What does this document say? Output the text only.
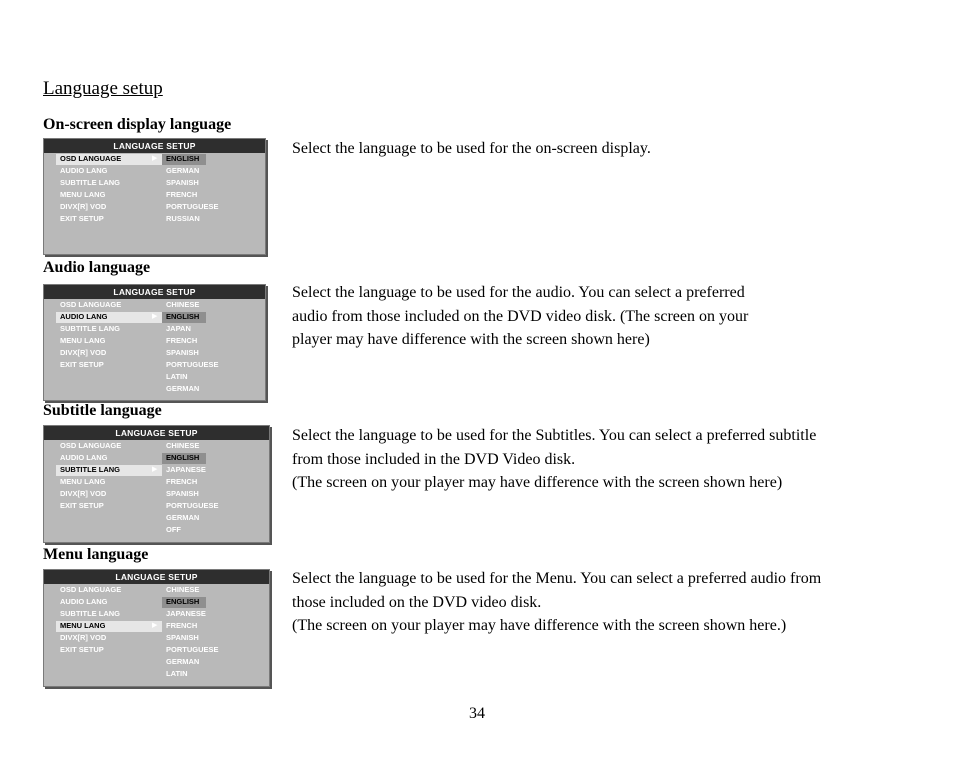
Language setup
On-screen display language
LANGUAGE SETUP
▶
OSD LANGUAGE
AUDIO LANG
SUBTITLE LANG
MENU LANG
DIVX[R] VOD
EXIT SETUP
ENGLISH
GERMAN
SPANISH
FRENCH
PORTUGUESE
RUSSIAN
Select the language to be used for the on-screen display.
Audio language
LANGUAGE SETUP
▶
OSD LANGUAGE
AUDIO LANG
SUBTITLE LANG
MENU LANG
DIVX[R] VOD
EXIT SETUP
CHINESE
ENGLISH
JAPAN
FRENCH
SPANISH
PORTUGUESE
LATIN
GERMAN
Select the language to be used for the audio. You can select a preferred
audio from those included on the DVD video disk. (The screen on your
player may have difference with the screen shown here)
Subtitle language
LANGUAGE SETUP
▶
OSD LANGUAGE
AUDIO LANG
SUBTITLE LANG
MENU LANG
DIVX[R] VOD
EXIT SETUP
CHINESE
ENGLISH
JAPANESE
FRENCH
SPANISH
PORTUGUESE
GERMAN
OFF
Select the language to be used for the Subtitles. You can select a preferred subtitle
from those included in the DVD Video disk.
(The screen on your player may have difference with the screen shown here)
Menu language
LANGUAGE SETUP
▶
OSD LANGUAGE
AUDIO LANG
SUBTITLE LANG
MENU LANG
DIVX[R] VOD
EXIT SETUP
CHINESE
ENGLISH
JAPANESE
FRENCH
SPANISH
PORTUGUESE
GERMAN
LATIN
Select the language to be used for the Menu. You can select a preferred audio from
those included on the DVD video disk.
(The screen on your player may have difference with the screen shown here.)
34
